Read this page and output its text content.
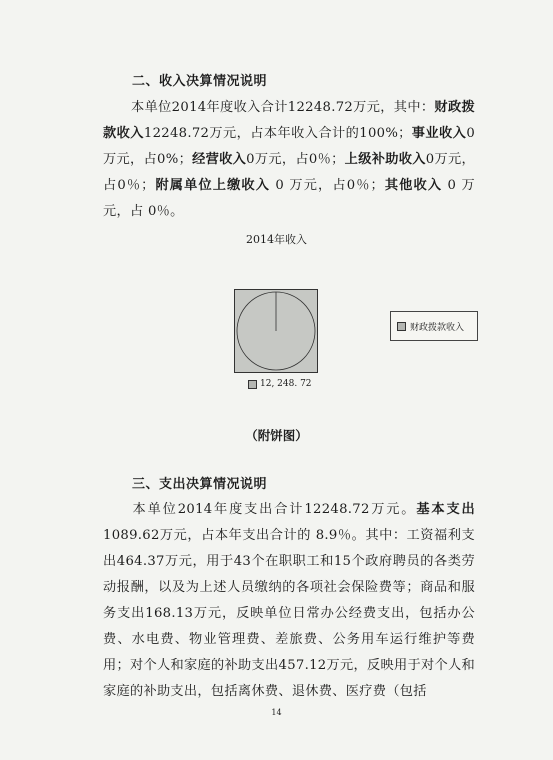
二、收入决算情况说明
本单位2014年度收入合计12248.72万元，其中：财政拨款收入12248.72万元，占本年收入合计的100%；事业收入0万元，占0%；经营收入0万元，占0％；上级补助收入0万元，占0％；附属单位上缴收入 0 万元，占0％；其他收入 0 万元，占 0％。
2014年收入
财政拨款收入
12, 248. 72
（附饼图）
三、支出决算情况说明
本单位2014年度支出合计12248.72万元。基本支出1089.62万元，占本年支出合计的 8.9％。其中：工资福利支出464.37万元，用于43个在职职工和15个政府聘员的各类劳动报酬，以及为上述人员缴纳的各项社会保险费等；商品和服务支出168.13万元，反映单位日常办公经费支出，包括办公费、水电费、物业管理费、差旅费、公务用车运行维护等费用；对个人和家庭的补助支出457.12万元，反映用于对个人和家庭的补助支出，包括离休费、退休费、医疗费（包括
14
